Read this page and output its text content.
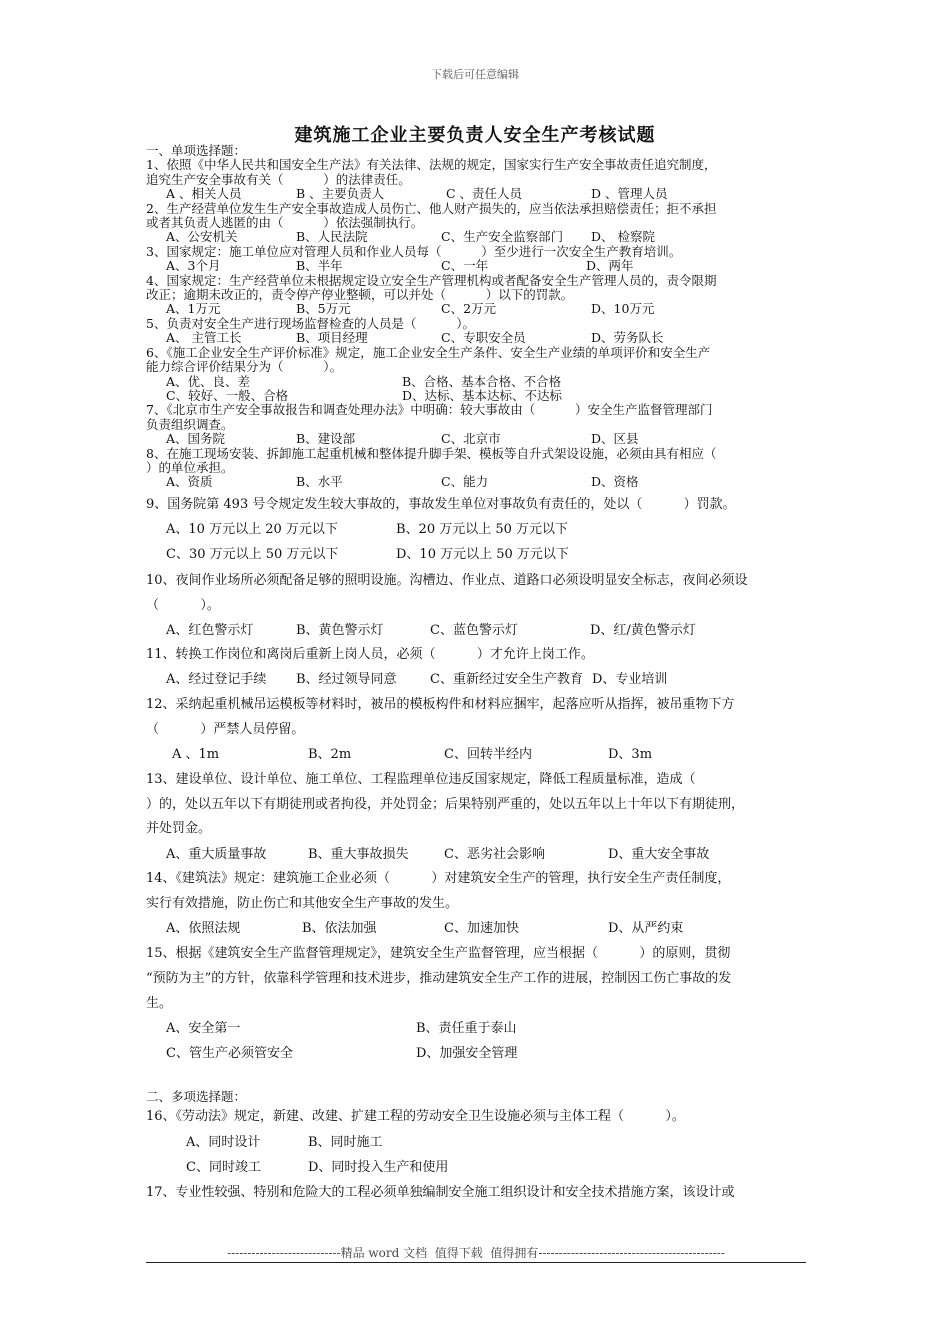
下载后可任意编辑
建筑施工企业主要负责人安全生产考核试题
一、单项选择题：
1、依照《中华人民共和国安全生产法》有关法律、法规的规定，国家实行生产安全事故责任追究制度，
追究生产安全事故有关（          ）的法律责任。
A 、相关人员	B 、主要负责人	C 、责任人员	D 、管理人员
2、生产经营单位发生生产安全事故造成人员伤亡、他人财产损失的，应当依法承担赔偿责任；拒不承担
或者其负责人逃匿的由（          ）依法强制执行。
A、公安机关	B、人民法院	C、生产安全监察部门 D、 检察院
3、国家规定：施工单位应对管理人员和作业人员每（          ）至少进行一次安全生产教育培训。
A、3个月	B、半年	C、一年	D、两年
4、国家规定：生产经营单位未根据规定设立安全生产管理机构或者配备安全生产管理人员的，责令限期
改正；逾期未改正的，责令停产停业整顿，可以并处（          ）以下的罚款。
A、1万元	B、5万元	C、2万元	D、10万元
5、负责对安全生产进行现场监督检查的人员是（          ）。
A、 主管工长	B、项目经理	C、专职安全员	D、劳务队长
6、《施工企业安全生产评价标准》规定，施工企业安全生产条件、安全生产业绩的单项评价和安全生产
能力综合评价结果分为（          ）。
A、优、良、差	B、合格、基本合格、不合格
C、较好、一般、合格	D、达标、基本达标、不达标
7、《北京市生产安全事故报告和调查处理办法》中明确：较大事故由（          ）安全生产监督管理部门
负责组织调查。
A、国务院	B、建设部	C、北京市	D、区县
8、在施工现场安装、拆卸施工起重机械和整体提升脚手架、模板等自升式架设设施，必须由具有相应（
）的单位承担。
A、资质	B、水平	C、能力	D、资格
9、国务院第 493 号令规定发生较大事故的，事故发生单位对事故负有责任的，处以（          ）罚款。
A、10 万元以上 20 万元以下	B、20 万元以上 50 万元以下
C、30 万元以上 50 万元以下	D、10 万元以上 50 万元以下
10、夜间作业场所必须配备足够的照明设施。沟槽边、作业点、道路口必须设明显安全标志，夜间必须设
（          ）。
A、红色警示灯	B、黄色警示灯	C、蓝色警示灯	D、红/黄色警示灯
11、转换工作岗位和离岗后重新上岗人员，必须（          ）才允许上岗工作。
A、经过登记手续 B、经过领导同意	C、重新经过安全生产教育 D、专业培训
12、采纳起重机械吊运模板等材料时，被吊的模板构件和材料应捆牢，起落应听从指挥，被吊重物下方
（          ）严禁人员停留。
A 、1m	B、2m	C、回转半经内	D、3m
13、建设单位、设计单位、施工单位、工程监理单位违反国家规定，降低工程质量标准，造成（
）的，处以五年以下有期徒刑或者拘役，并处罚金；后果特别严重的，处以五年以上十年以下有期徒刑，
并处罚金。
A、重大质量事故	B、重大事故损失	C、恶劣社会影响	D、重大安全事故
14、《建筑法》规定：建筑施工企业必须（          ）对建筑安全生产的管理，执行安全生产责任制度，
实行有效措施，防止伤亡和其他安全生产事故的发生。
A、依照法规	B、依法加强	C、加速加快	D、从严约束
15、根据《建筑安全生产监督管理规定》，建筑安全生产监督管理，应当根据（          ）的原则，贯彻
“预防为主”的方针，依靠科学管理和技术进步，推动建筑安全生产工作的进展，控制因工伤亡事故的发
生。
A、安全第一	B、责任重于泰山
C、管生产必须管安全	D、加强安全管理
二、多项选择题：
16、《劳动法》规定，新建、改建、扩建工程的劳动安全卫生设施必须与主体工程（          ）。
A、同时设计	B、同时施工
C、同时竣工	D、同时投入生产和使用
17、专业性较强、特别和危险大的工程必须单独编制安全施工组织设计和安全技术措施方案，该设计或
----------------------------精品 word 文档  值得下载  值得拥有----------------------------------------------
